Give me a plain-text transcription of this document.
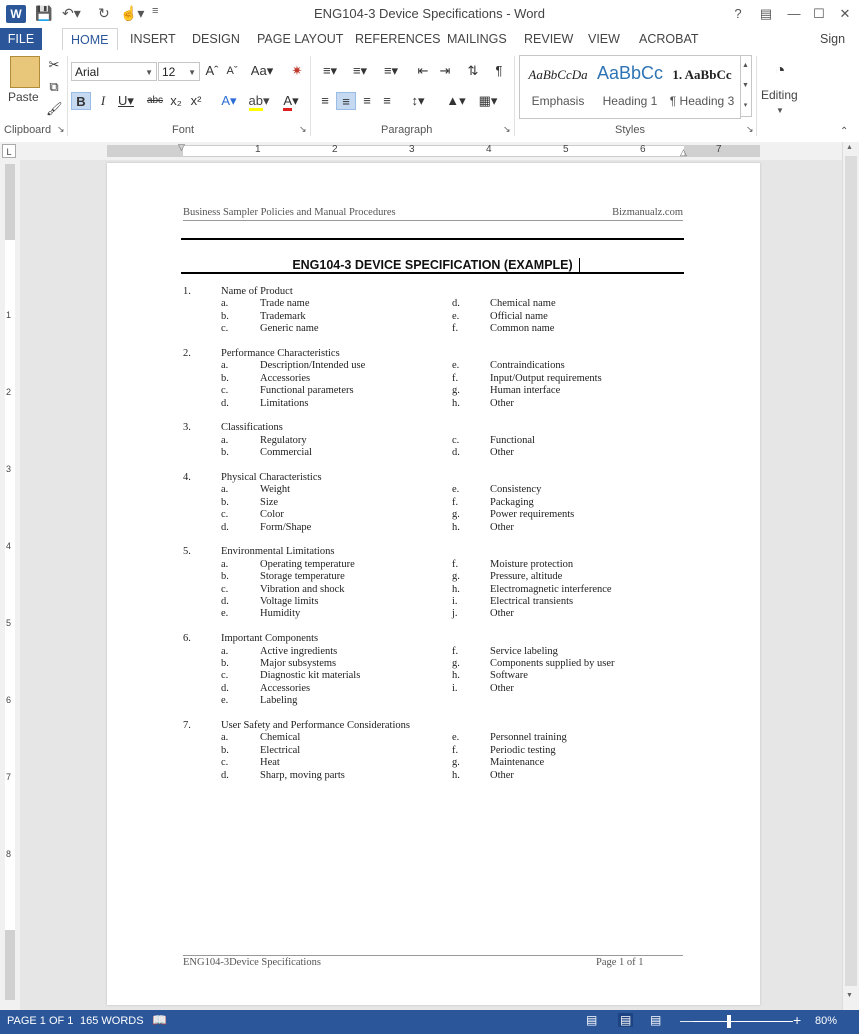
W 💾 ↶▾ ↻ ☝▾ ≡	ENG104-3 Device Specifications - Word	?	▤	— ☐	✕
FILE	HOME	INSERT	DESIGN	PAGE LAYOUT REFERENCES MAILINGS	REVIEW	VIEW	ACROBAT	Sign
Paste
✂
⧉
🖌
Clipboard ↘
Arial	▼ 12 ▼ Aˆ Aˇ Aa▾ ✷
B	I U▾	abc x₂ x²	A▾ ab▾	A▾
Font	↘
≡▾	≡▾	≡▾	⇤ ⇥ ⇅	¶
≡	≡	≡ ≡	↕▾	▲▾ ▦▾
Paragraph	↘
AaBbCcDa
Emphasis
AaBbCc
Heading 1
1. AaBbCc
¶ Heading 3
▲
▼
▾
Styles	↘
◔
Editing
▼
⌃
L	▽	△
1	2	3	4	5	6	7
1
2
3
4
5
6
7
8
Business Sampler Policies and Manual Procedures	Bizmanualz.com
ENG104-3 DEVICE SPECIFICATION (EXAMPLE)
1.	Name of Product
a.	Trade name	d.	Chemical name
b.	Trademark	e.	Official name
c.	Generic name	f.	Common name
2.	Performance Characteristics
a.	Description/Intended use	e.	Contraindications
b.	Accessories	f.	Input/Output requirements
c.	Functional parameters	g.	Human interface
d.	Limitations	h.	Other
3.	Classifications
a.	Regulatory	c.	Functional
b.	Commercial	d.	Other
4.	Physical Characteristics
a.	Weight	e.	Consistency
b.	Size	f.	Packaging
c.	Color	g.	Power requirements
d.	Form/Shape	h.	Other
5.	Environmental Limitations
a.	Operating temperature	f.	Moisture protection
b.	Storage temperature	g.	Pressure, altitude
c.	Vibration and shock	h.	Electromagnetic interference
d.	Voltage limits	i.	Electrical transients
e.	Humidity	j.	Other
6.	Important Components
a.	Active ingredients	f.	Service labeling
b.	Major subsystems	g.	Components supplied by user
c.	Diagnostic kit materials	h.	Software
d.	Accessories	i.	Other
e.	Labeling
7.	User Safety and Performance Considerations
a.	Chemical	e.	Personnel training
b.	Electrical	f.	Periodic testing
c.	Heat	g.	Maintenance
d.	Sharp, moving parts	h.	Other
ENG104-3Device Specifications	Page 1 of 1
▲
▼
PAGE 1 OF 1 165 WORDS 📖	▤ ▤ ▤ —	+ 80%
